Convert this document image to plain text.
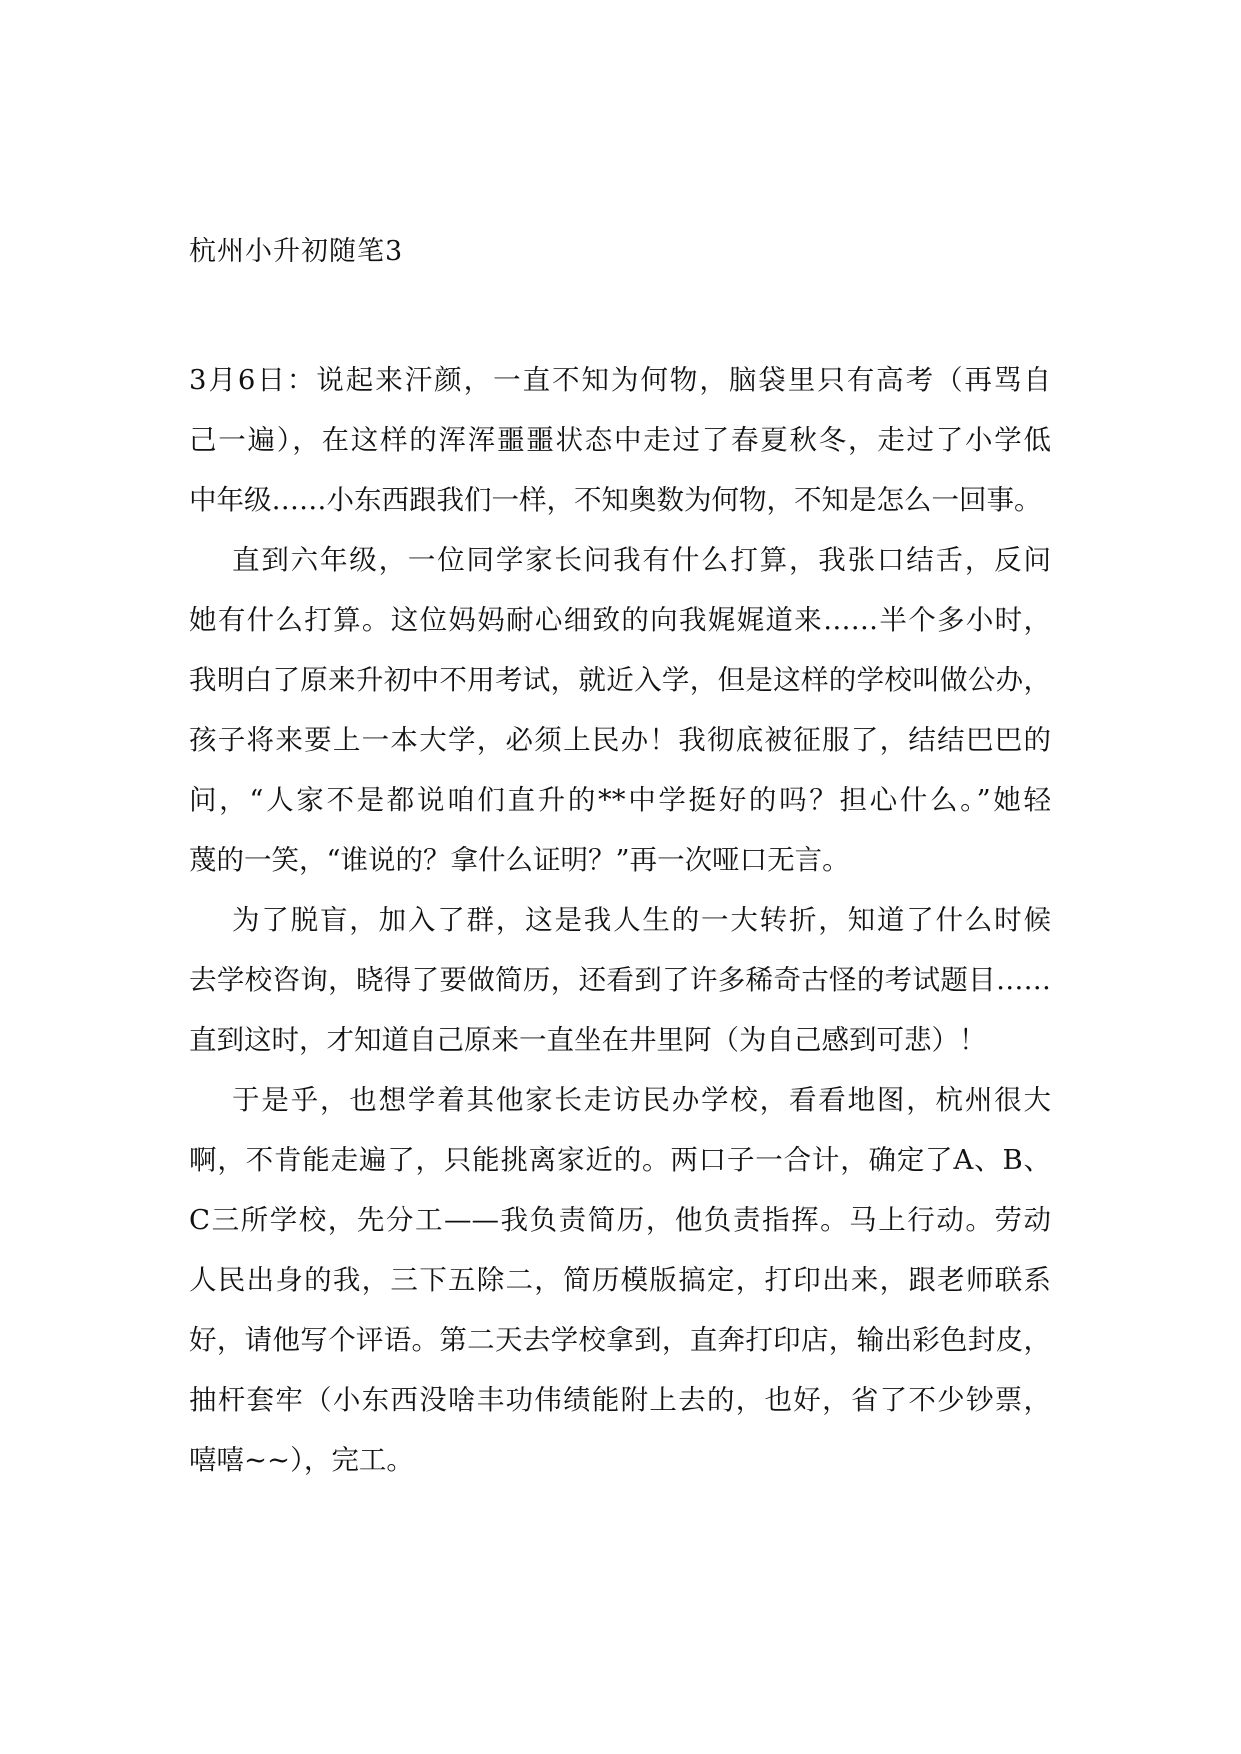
杭州小升初随笔3

3月6日：说起来汗颜，一直不知为何物，脑袋里只有高考（再骂自
己一遍），在这样的浑浑噩噩状态中走过了春夏秋冬，走过了小学低
中年级……小东西跟我们一样，不知奥数为何物，不知是怎么一回事。

直到六年级，一位同学家长问我有什么打算，我张口结舌，反问
她有什么打算。这位妈妈耐心细致的向我娓娓道来……半个多小时，
我明白了原来升初中不用考试，就近入学，但是这样的学校叫做公办，
孩子将来要上一本大学，必须上民办！我彻底被征服了，结结巴巴的
问，“人家不是都说咱们直升的**中学挺好的吗？担心什么。”她轻
蔑的一笑，“谁说的？拿什么证明？”再一次哑口无言。

为了脱盲，加入了群，这是我人生的一大转折，知道了什么时候
去学校咨询，晓得了要做简历，还看到了许多稀奇古怪的考试题目……
直到这时，才知道自己原来一直坐在井里阿（为自己感到可悲）！

于是乎，也想学着其他家长走访民办学校，看看地图，杭州很大
啊，不肯能走遍了，只能挑离家近的。两口子一合计，确定了A、B、
C三所学校，先分工——我负责简历，他负责指挥。马上行动。劳动
人民出身的我，三下五除二，简历模版搞定，打印出来，跟老师联系
好，请他写个评语。第二天去学校拿到，直奔打印店，输出彩色封皮，
抽杆套牢（小东西没啥丰功伟绩能附上去的，也好，省了不少钞票，
嘻嘻~~），完工。
